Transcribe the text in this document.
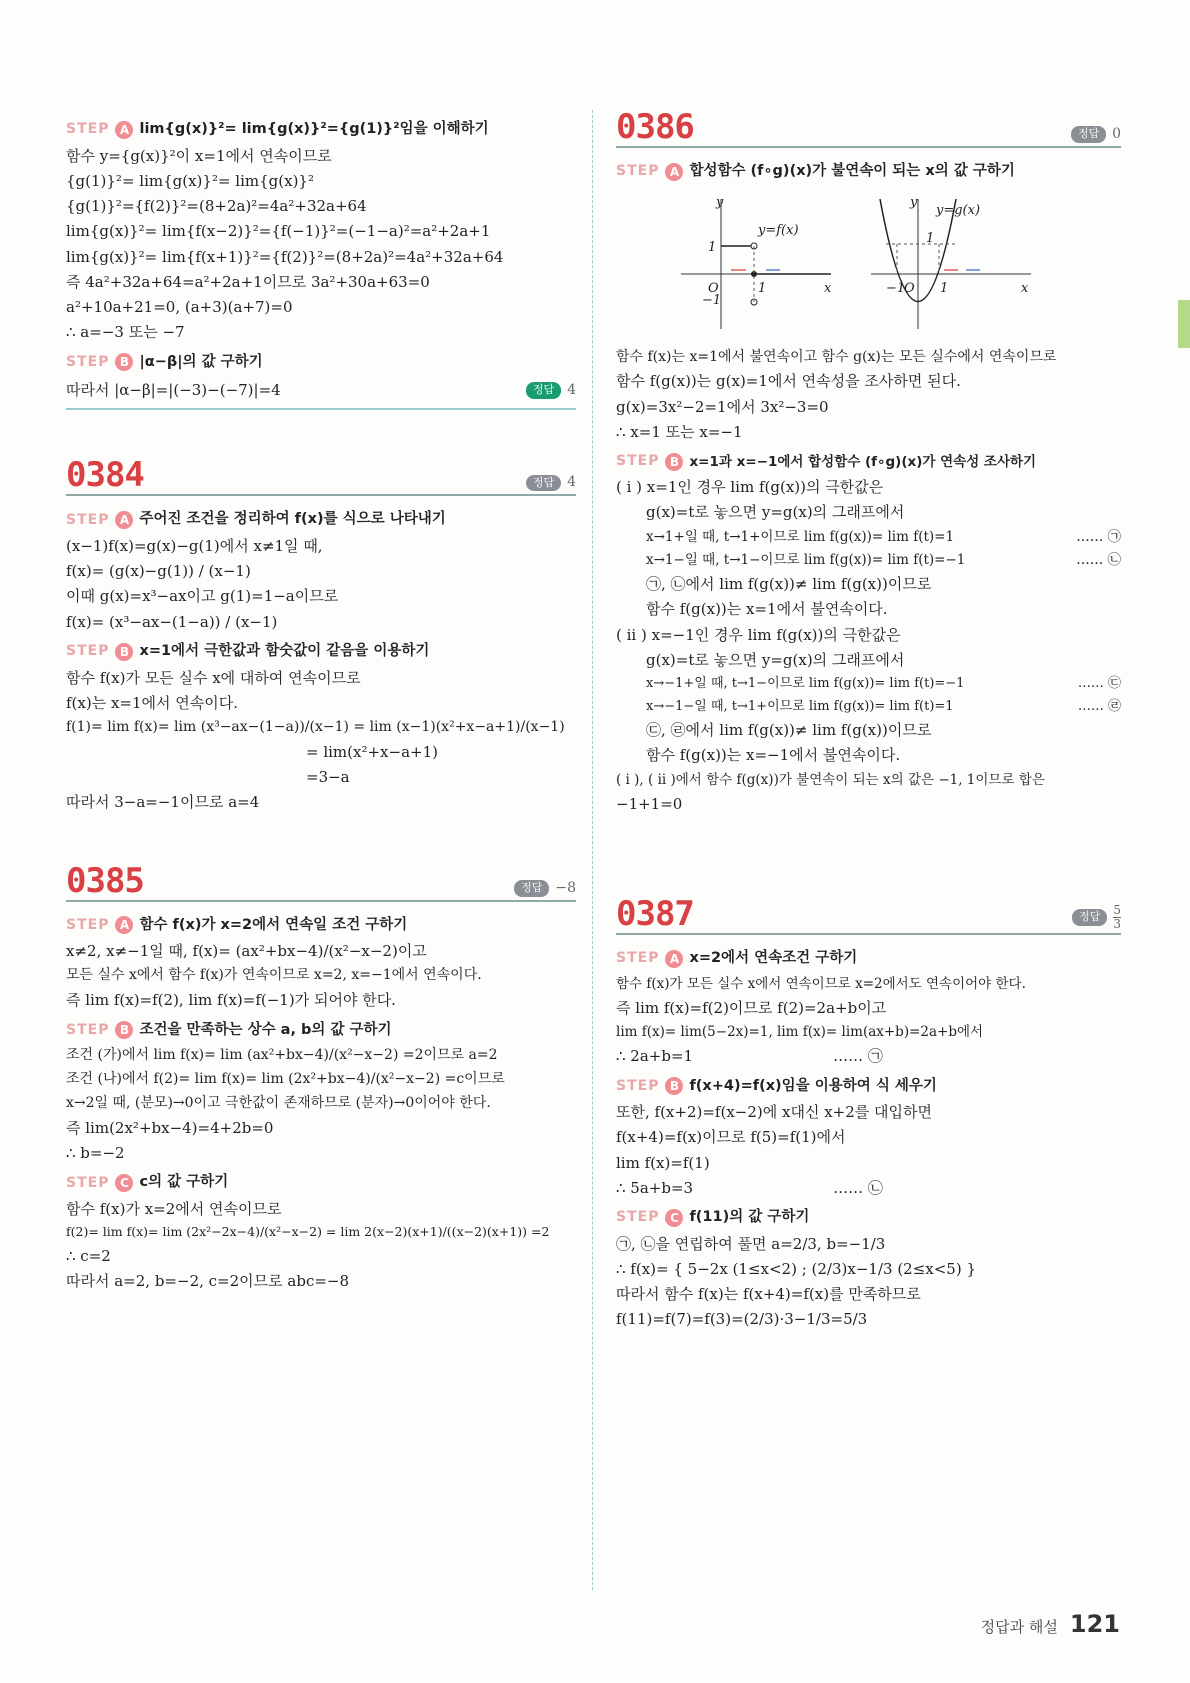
STEP A lim{g(x)}²= lim{g(x)}²={g(1)}²임을 이해하기
함수 y={g(x)}²이 x=1에서 연속이므로
{g(1)}²= lim{g(x)}²= lim{g(x)}²
{g(1)}²={f(2)}²=(8+2a)²=4a²+32a+64
lim{g(x)}²= lim{f(x−2)}²={f(−1)}²=(−1−a)²=a²+2a+1
lim{g(x)}²= lim{f(x+1)}²={f(2)}²=(8+2a)²=4a²+32a+64
즉 4a²+32a+64=a²+2a+1이므로 3a²+30a+63=0
a²+10a+21=0, (a+3)(a+7)=0
∴ a=−3 또는 −7
STEP B |α−β|의 값 구하기
따라서 |α−β|=|(−3)−(−7)|=4	정답 4
0384	정답 4
STEP A 주어진 조건을 정리하여 f(x)를 식으로 나타내기
(x−1)f(x)=g(x)−g(1)에서 x≠1일 때,
f(x)= (g(x)−g(1)) / (x−1)
이때 g(x)=x³−ax이고 g(1)=1−a이므로
f(x)= (x³−ax−(1−a)) / (x−1)
STEP B x=1에서 극한값과 함숫값이 같음을 이용하기
함수 f(x)가 모든 실수 x에 대하여 연속이므로
f(x)는 x=1에서 연속이다.
f(1)= lim f(x)= lim (x³−ax−(1−a))/(x−1) = lim (x−1)(x²+x−a+1)/(x−1)
= lim(x²+x−a+1)
=3−a
따라서 3−a=−1이므로 a=4
0385	정답 −8
STEP A 함수 f(x)가 x=2에서 연속일 조건 구하기
x≠2, x≠−1일 때, f(x)= (ax²+bx−4)/(x²−x−2)이고
모든 실수 x에서 함수 f(x)가 연속이므로 x=2, x=−1에서 연속이다.
즉 lim f(x)=f(2), lim f(x)=f(−1)가 되어야 한다.
STEP B 조건을 만족하는 상수 a, b의 값 구하기
조건 (가)에서 lim f(x)= lim (ax²+bx−4)/(x²−x−2) =2이므로 a=2
조건 (나)에서 f(2)= lim f(x)= lim (2x²+bx−4)/(x²−x−2) =c이므로
x→2일 때, (분모)→0이고 극한값이 존재하므로 (분자)→0이어야 한다.
즉 lim(2x²+bx−4)=4+2b=0
∴ b=−2
STEP C c의 값 구하기
함수 f(x)가 x=2에서 연속이므로
f(2)= lim f(x)= lim (2x²−2x−4)/(x²−x−2) = lim 2(x−2)(x+1)/((x−2)(x+1)) =2
∴ c=2
따라서 a=2, b=−2, c=2이므로 abc=−8
0386	정답 0
STEP A 합성함수 (f∘g)(x)가 불연속이 되는 x의 값 구하기
y
x
O	1
1
−1
y=f(x)
y
x
O 1
−1
1
y=g(x)
함수 f(x)는 x=1에서 불연속이고 함수 g(x)는 모든 실수에서 연속이므로
함수 f(g(x))는 g(x)=1에서 연속성을 조사하면 된다.
g(x)=3x²−2=1에서 3x²−3=0
∴ x=1 또는 x=−1
STEP B x=1과 x=−1에서 합성함수 (f∘g)(x)가 연속성 조사하기
( i ) x=1인 경우 lim f(g(x))의 극한값은
g(x)=t로 놓으면 y=g(x)의 그래프에서
x→1+일 때, t→1+이므로 lim f(g(x))= lim f(t)=1	…… ㉠
x→1−일 때, t→1−이므로 lim f(g(x))= lim f(t)=−1	…… ㉡
㉠, ㉡에서 lim f(g(x))≠ lim f(g(x))이므로
함수 f(g(x))는 x=1에서 불연속이다.
( ii ) x=−1인 경우 lim f(g(x))의 극한값은
g(x)=t로 놓으면 y=g(x)의 그래프에서
x→−1+일 때, t→1−이므로 lim f(g(x))= lim f(t)=−1	…… ㉢
x→−1−일 때, t→1+이므로 lim f(g(x))= lim f(t)=1	…… ㉣
㉢, ㉣에서 lim f(g(x))≠ lim f(g(x))이므로
함수 f(g(x))는 x=−1에서 불연속이다.
( i ), ( ii )에서 함수 f(g(x))가 불연속이 되는 x의 값은 −1, 1이므로 합은
−1+1=0
0387	정답	$\frac{5}{3}$
STEP A x=2에서 연속조건 구하기
함수 f(x)가 모든 실수 x에서 연속이므로 x=2에서도 연속이어야 한다.
즉 lim f(x)=f(2)이므로 f(2)=2a+b이고
lim f(x)= lim(5−2x)=1, lim f(x)= lim(ax+b)=2a+b에서
∴ 2a+b=1	…… ㉠
STEP B f(x+4)=f(x)임을 이용하여 식 세우기
또한, f(x+2)=f(x−2)에 x대신 x+2를 대입하면
f(x+4)=f(x)이므로 f(5)=f(1)에서
lim f(x)=f(1)
∴ 5a+b=3	…… ㉡
STEP C f(11)의 값 구하기
㉠, ㉡을 연립하여 풀면 a=2/3, b=−1/3
∴ f(x)= { 5−2x (1≤x<2) ; (2/3)x−1/3 (2≤x<5) }
따라서 함수 f(x)는 f(x+4)=f(x)를 만족하므로
f(11)=f(7)=f(3)=(2/3)·3−1/3=5/3
정답과 해설 121
